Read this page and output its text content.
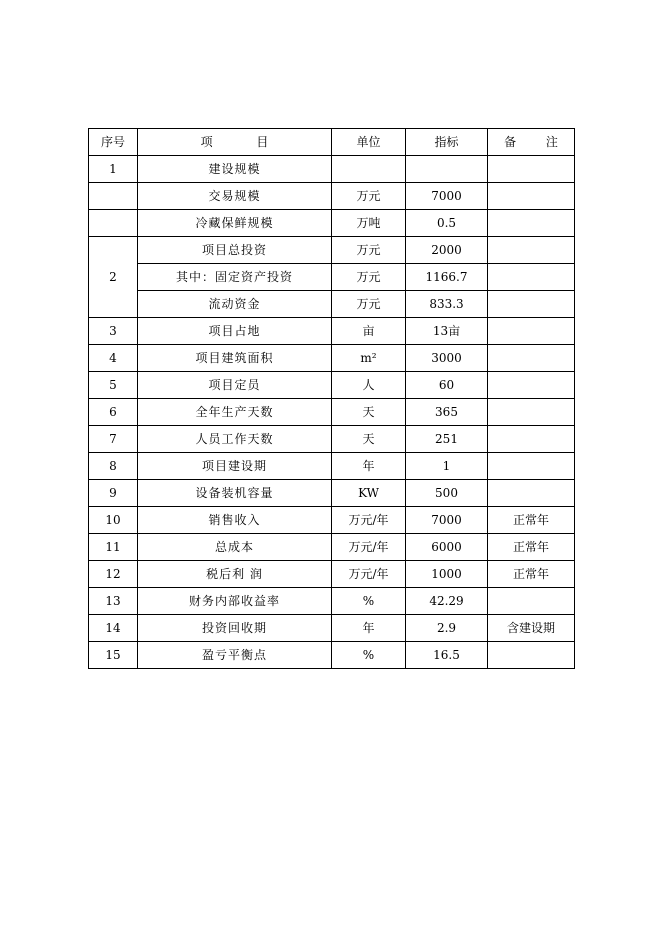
序号	项 目	单位	指标	备 注
1	建设规模			
	交易规模	万元	7000	
	冷藏保鲜规模	万吨	0.5	
2	项目总投资	万元	2000	
	其中：固定资产投资	万元	1166.7	
	流动资金	万元	833.3	
3	项目占地	亩	13亩	
4	项目建筑面积	m²	3000	
5	项目定员	人	60	
6	全年生产天数	天	365	
7	人员工作天数	天	251	
8	项目建设期	年	1	
9	设备装机容量	KW	500	
10	销售收入	万元/年	7000	正常年
11	总成本	万元/年	6000	正常年
12	税后利 润	万元/年	1000	正常年
13	财务内部收益率	%	42.29	
14	投资回收期	年	2.9	含建设期
15	盈亏平衡点	%	16.5	
